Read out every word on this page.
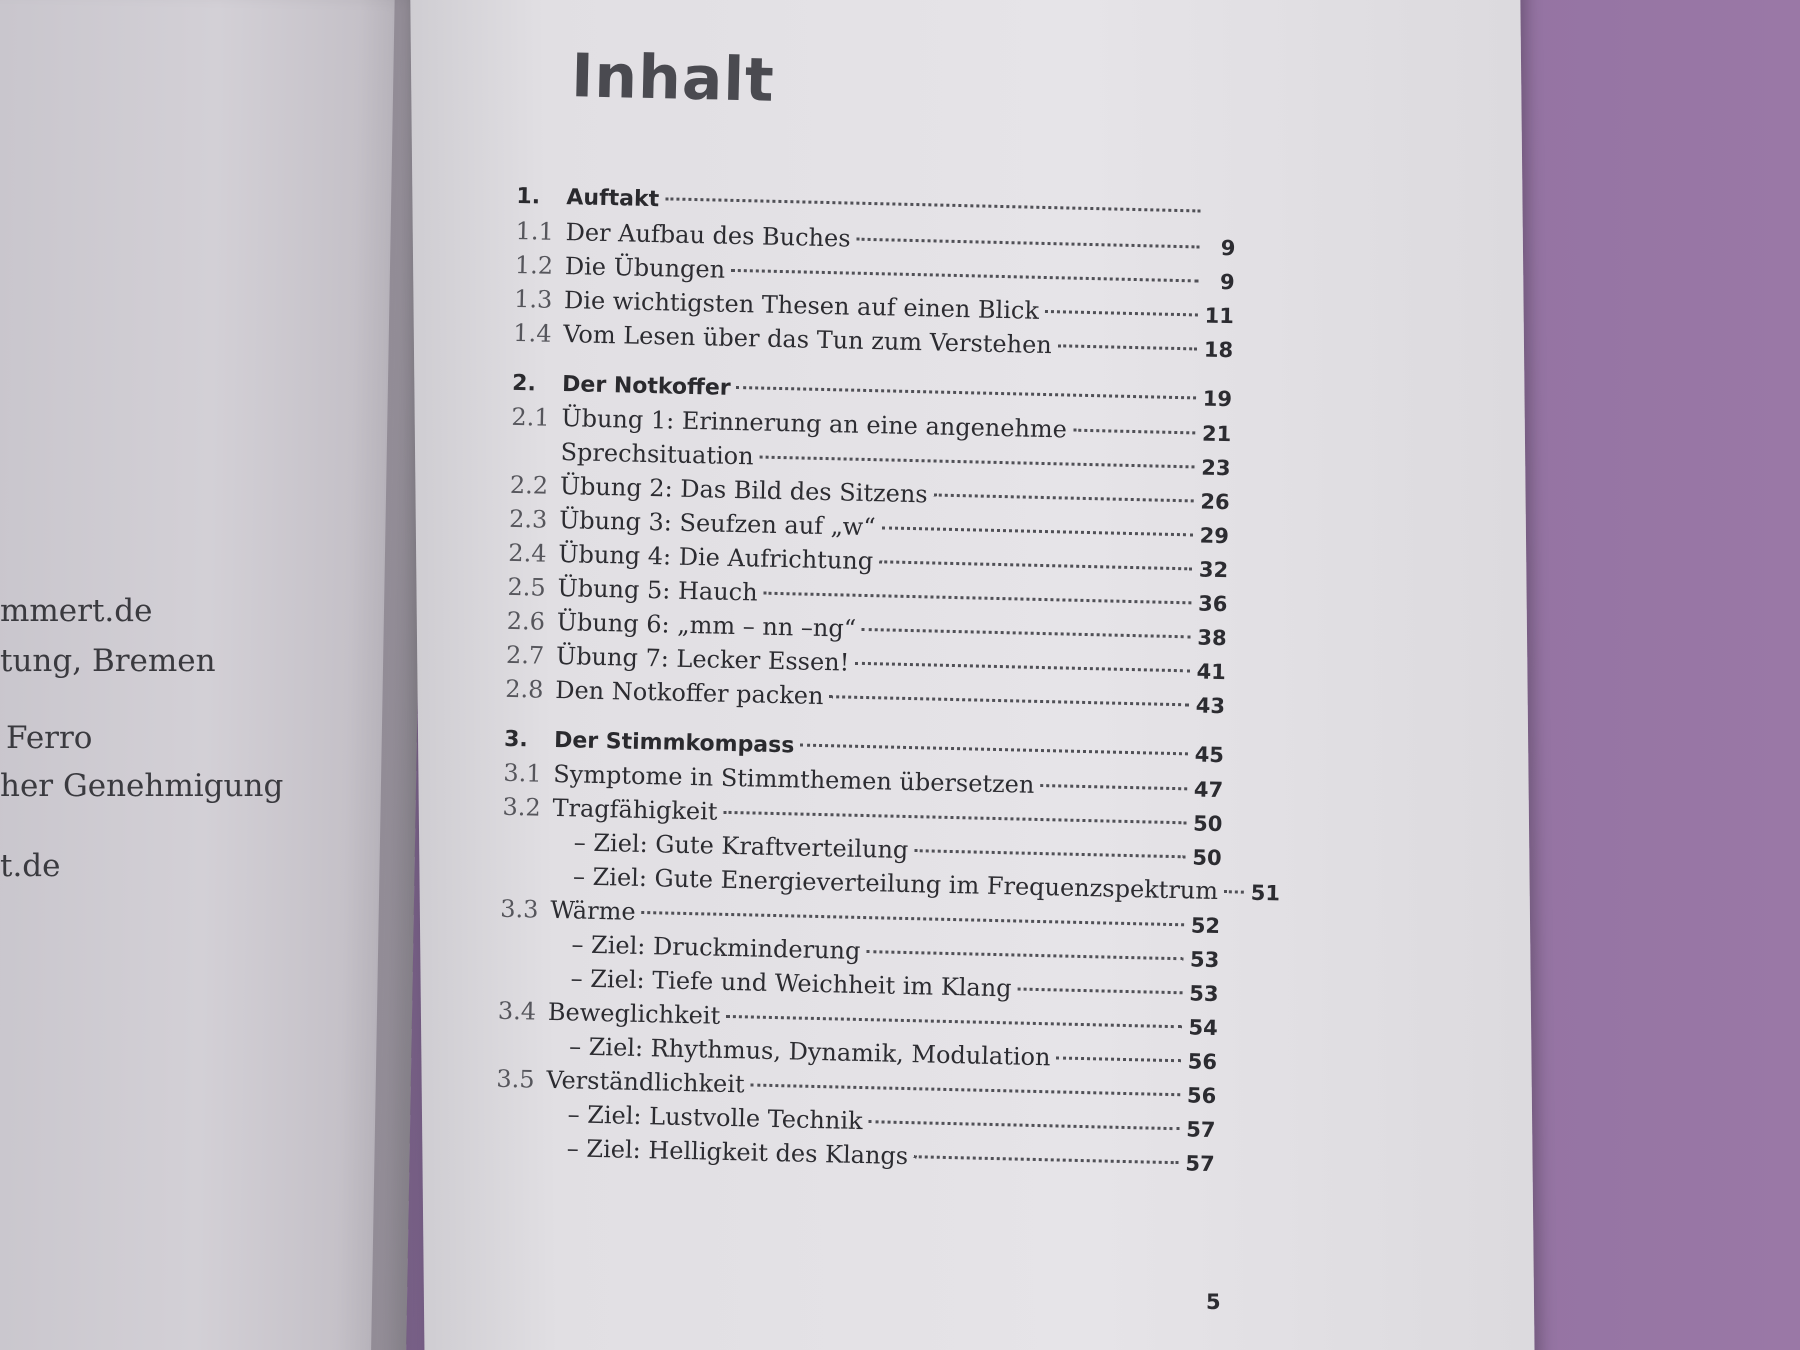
mmert.de
tung, Bremen
Ferro
her Genehmigung
t.de
Inhalt
1.	Auftakt
1.1 Der Aufbau des Buches	9
1.2 Die Übungen	9
1.3 Die wichtigsten Thesen auf einen Blick	11
1.4 Vom Lesen über das Tun zum Verstehen	18
2.	Der Notkoffer	19
2.1 Übung 1: Erinnerung an eine angenehme	21
Sprechsituation	23
2.2 Übung 2: Das Bild des Sitzens	26
2.3 Übung 3: Seufzen auf „w“	29
2.4 Übung 4: Die Aufrichtung	32
2.5 Übung 5: Hauch	36
2.6 Übung 6: „mm – nn –ng“	38
2.7 Übung 7: Lecker Essen!	41
2.8 Den Notkoffer packen	43
3.	Der Stimmkompass	45
3.1 Symptome in Stimmthemen übersetzen	47
3.2 Tragfähigkeit	50
– Ziel: Gute Kraftverteilung	50
– Ziel: Gute Energieverteilung im Frequenzspektrum 51
3.3 Wärme	52
– Ziel: Druckminderung	53
– Ziel: Tiefe und Weichheit im Klang	53
3.4 Beweglichkeit	54
– Ziel: Rhythmus, Dynamik, Modulation	56
3.5 Verständlichkeit	56
– Ziel: Lustvolle Technik	57
– Ziel: Helligkeit des Klangs	57
5
